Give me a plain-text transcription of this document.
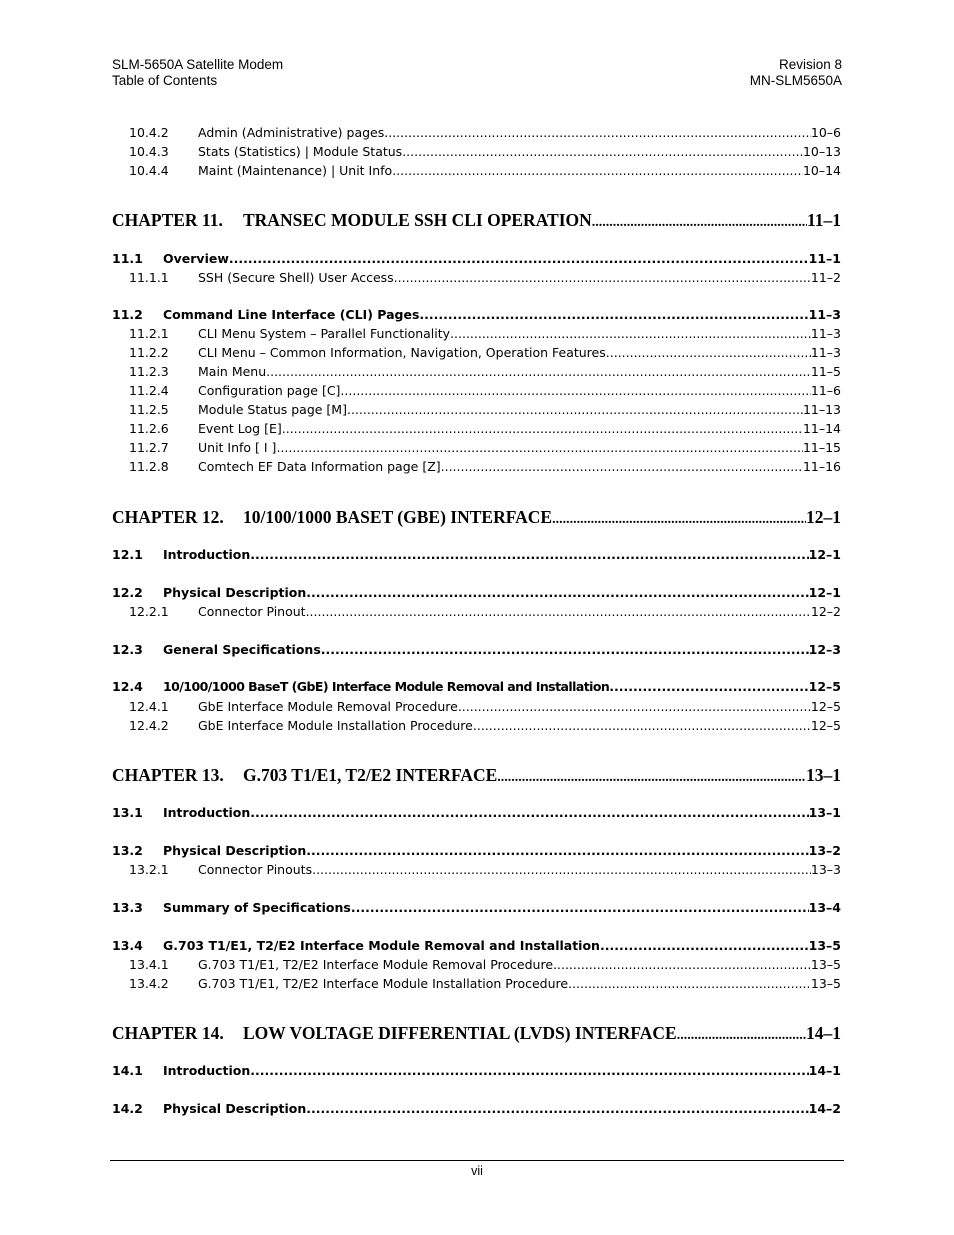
SLM-5650A Satellite Modem
Table of Contents
Revision 8
MN-SLM5650A
10.4.2	Admin (Administrative) pages .....	10–6
10.4.3	Stats (Statistics) | Module Status .....	10–13
10.4.4	Maint (Maintenance) | Unit Info .....	10–14
CHAPTER 11.	TRANSEC MODULE SSH CLI OPERATION .....	11–1
11.1	Overview .....	11–1
11.1.1	SSH (Secure Shell) User Access .....	11–2
11.2	Command Line Interface (CLI) Pages .....	11–3
11.2.1	CLI Menu System – Parallel Functionality .....	11–3
11.2.2	CLI Menu – Common Information, Navigation, Operation Features .....	11–3
11.2.3	Main Menu .....	11–5
11.2.4	Configuration page [C] .....	11–6
11.2.5	Module Status page [M] .....	11–13
11.2.6	Event Log [E] .....	11–14
11.2.7	Unit Info [ I ] .....	11–15
11.2.8	Comtech EF Data Information page [Z] .....	11–16
CHAPTER 12.	10/100/1000 BASET (GBE) INTERFACE .....	12–1
12.1	Introduction .....	12–1
12.2	Physical Description .....	12–1
12.2.1	Connector Pinout .....	12–2
12.3	General Specifications .....	12–3
12.4	10/100/1000 BaseT (GbE) Interface Module Removal and Installation .....	12–5
12.4.1	GbE Interface Module Removal Procedure .....	12–5
12.4.2	GbE Interface Module Installation Procedure .....	12–5
CHAPTER 13.	G.703 T1/E1, T2/E2 INTERFACE .....	13–1
13.1	Introduction .....	13–1
13.2	Physical Description .....	13–2
13.2.1	Connector Pinouts .....	13–3
13.3	Summary of Specifications .....	13–4
13.4	G.703 T1/E1, T2/E2 Interface Module Removal and Installation .....	13–5
13.4.1	G.703 T1/E1, T2/E2 Interface Module Removal Procedure .....	13–5
13.4.2	G.703 T1/E1, T2/E2 Interface Module Installation Procedure .....	13–5
CHAPTER 14.	LOW VOLTAGE DIFFERENTIAL (LVDS) INTERFACE .....	14–1
14.1	Introduction .....	14–1
14.2	Physical Description .....	14–2
vii
